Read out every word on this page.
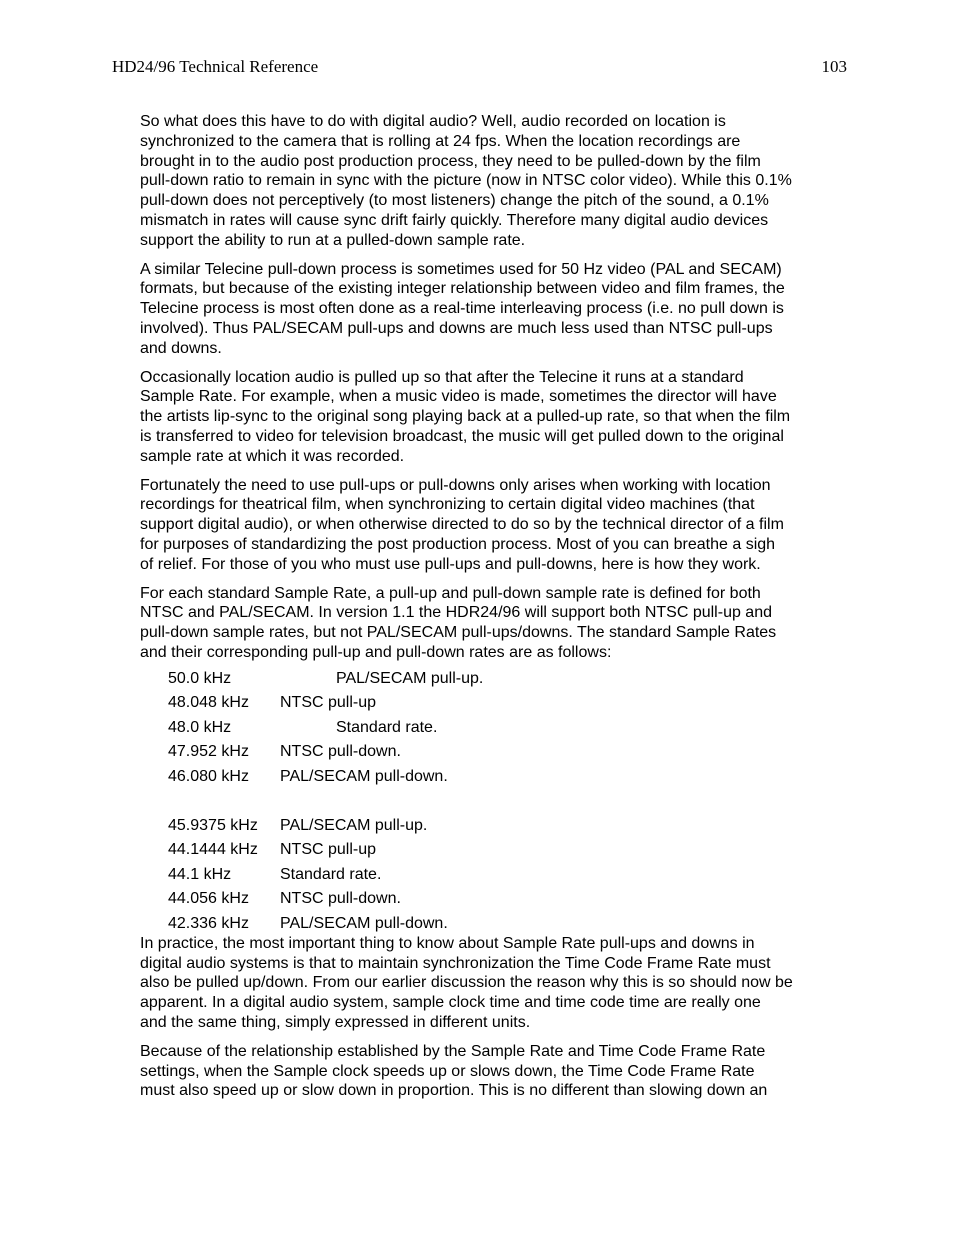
HD24/96 Technical Reference	103

So what does this have to do with digital audio? Well, audio recorded on location is
synchronized to the camera that is rolling at 24 fps. When the location recordings are
brought in to the audio post production process, they need to be pulled-down by the film
pull-down ratio to remain in sync with the picture (now in NTSC color video). While this 0.1%
pull-down does not perceptively (to most listeners) change the pitch of the sound, a 0.1%
mismatch in rates will cause sync drift fairly quickly. Therefore many digital audio devices
support the ability to run at a pulled-down sample rate.

A similar Telecine pull-down process is sometimes used for 50 Hz video (PAL and SECAM)
formats, but because of the existing integer relationship between video and film frames, the
Telecine process is most often done as a real-time interleaving process (i.e. no pull down is
involved). Thus PAL/SECAM pull-ups and downs are much less used than NTSC pull-ups
and downs.

Occasionally location audio is pulled up so that after the Telecine it runs at a standard
Sample Rate. For example, when a music video is made, sometimes the director will have
the artists lip-sync to the original song playing back at a pulled-up rate, so that when the film
is transferred to video for television broadcast, the music will get pulled down to the original
sample rate at which it was recorded.

Fortunately the need to use pull-ups or pull-downs only arises when working with location
recordings for theatrical film, when synchronizing to certain digital video machines (that
support digital audio), or when otherwise directed to do so by the technical director of a film
for purposes of standardizing the post production process. Most of you can breathe a sigh
of relief. For those of you who must use pull-ups and pull-downs, here is how they work.

For each standard Sample Rate, a pull-up and pull-down sample rate is defined for both
NTSC and PAL/SECAM. In version 1.1 the HDR24/96 will support both NTSC pull-up and
pull-down sample rates, but not PAL/SECAM pull-ups/downs. The standard Sample Rates
and their corresponding pull-up and pull-down rates are as follows:

50.0 kHz	PAL/SECAM pull-up.
48.048 kHz NTSC pull-up
48.0 kHz	Standard rate.
47.952 kHz NTSC pull-down.
46.080 kHz PAL/SECAM pull-down.
45.9375 kHz PAL/SECAM pull-up.
44.1444 kHz NTSC pull-up
44.1 kHz	Standard rate.
44.056 kHz NTSC pull-down.
42.336 kHz PAL/SECAM pull-down.

In practice, the most important thing to know about Sample Rate pull-ups and downs in
digital audio systems is that to maintain synchronization the Time Code Frame Rate must
also be pulled up/down. From our earlier discussion the reason why this is so should now be
apparent. In a digital audio system, sample clock time and time code time are really one
and the same thing, simply expressed in different units.

Because of the relationship established by the Sample Rate and Time Code Frame Rate
settings, when the Sample clock speeds up or slows down, the Time Code Frame Rate
must also speed up or slow down in proportion. This is no different than slowing down an
